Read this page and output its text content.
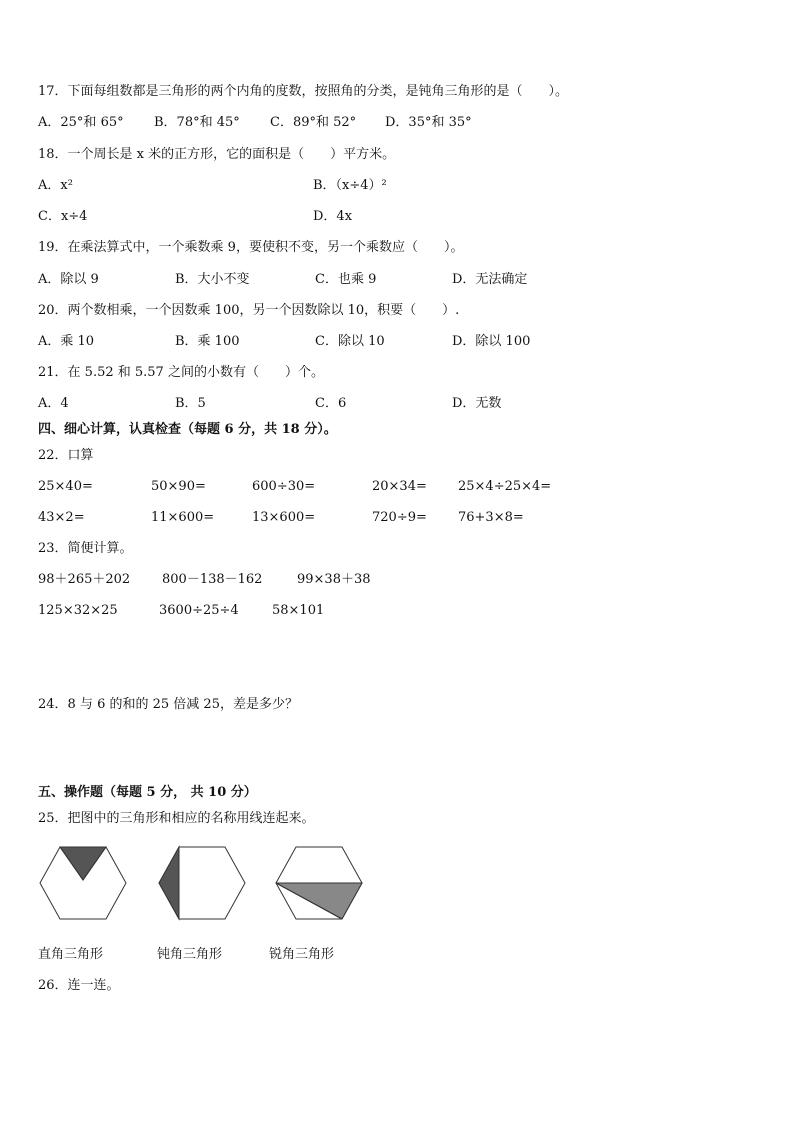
17．下面每组数都是三角形的两个内角的度数，按照角的分类，是钝角三角形的是（　　）。
A．25°和 65° B．78°和 45° C．89°和 52° D．35°和 35°
18．一个周长是 x 米的正方形，它的面积是（　　）平方米。
A．x²	B．（x÷4）²
C．x÷4	D．4x
19．在乘法算式中，一个乘数乘 9，要使积不变，另一个乘数应（　　）。
A．除以 9	B．大小不变	C．也乘 9	D．无法确定
20．两个数相乘，一个因数乘 100，另一个因数除以 10，积要（　　）.
A．乘 10	B．乘 100	C．除以 10	D．除以 100
21．在 5.52 和 5.57 之间的小数有（　　）个。
A．4	B．5	C．6	D．无数
四、细心计算，认真检查（每题 6 分，共 18 分）。
22．口算
25×40=	50×90=	600÷30=	20×34= 25×4÷25×4=
43×2=	11×600=	13×600=	720÷9= 76+3×8=
23．简便计算。
98＋265＋202 800－138－162	99×38＋38
125×32×25	3600÷25÷4	58×101
24．8 与 6 的和的 25 倍减 25，差是多少？
五、操作题（每题 5 分， 共 10 分）
25．把图中的三角形和相应的名称用线连起来。
直角三角形	钝角三角形	锐角三角形
26．连一连。
